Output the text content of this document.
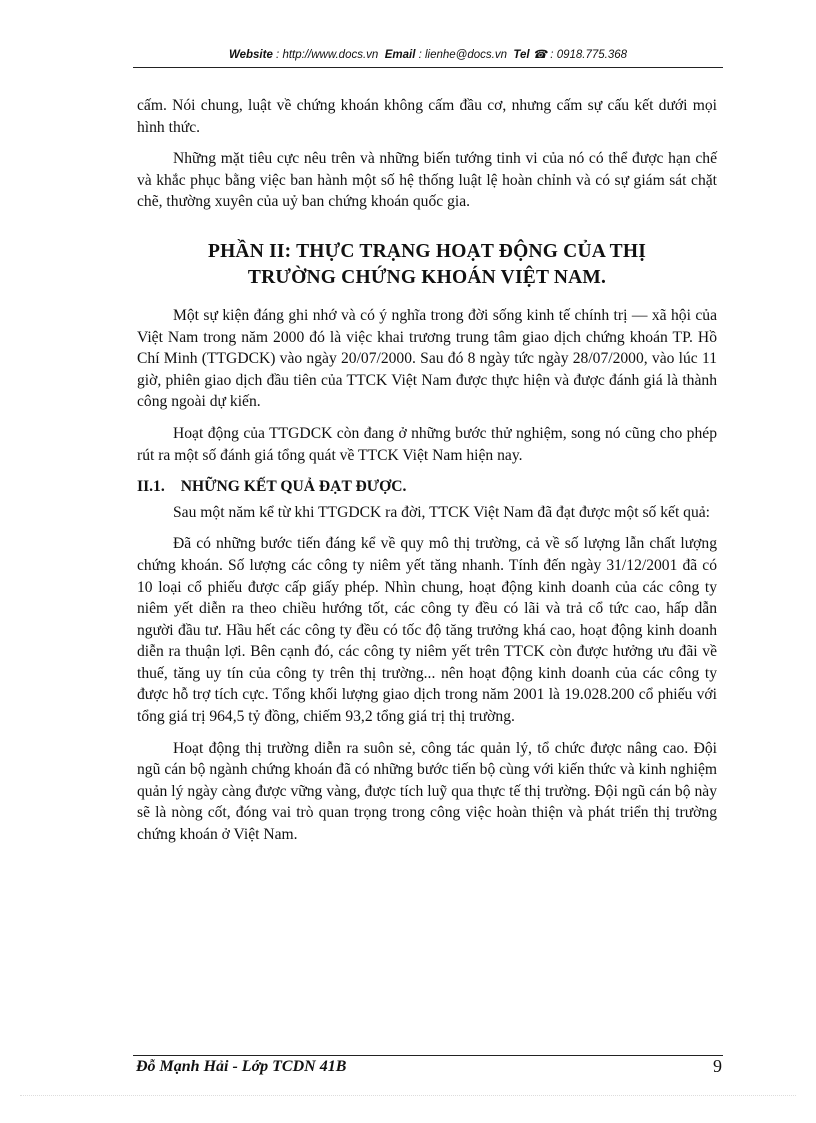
Website : http://www.docs.vn Email : lienhe@docs.vn Tel ☎ : 0918.775.368

cấm. Nói chung, luật về chứng khoán không cấm đầu cơ, nhưng cấm sự cấu kết dưới mọi hình thức.

Những mặt tiêu cực nêu trên và những biến tướng tinh vi của nó có thể được hạn chế và khắc phục bằng việc ban hành một số hệ thống luật lệ hoàn chỉnh và có sự giám sát chặt chẽ, thường xuyên của uỷ ban chứng khoán quốc gia.

PHẦN II: THỰC TRẠNG HOẠT ĐỘNG CỦA THỊ
TRƯỜNG CHỨNG KHOÁN VIỆT NAM.

Một sự kiện đáng ghi nhớ và có ý nghĩa trong đời sống kinh tế chính trị — xã hội của Việt Nam trong năm 2000 đó là việc khai trương trung tâm giao dịch chứng khoán TP. Hồ Chí Minh (TTGDCK) vào ngày 20/07/2000. Sau đó 8 ngày tức ngày 28/07/2000, vào lúc 11 giờ, phiên giao dịch đầu tiên của TTCK Việt Nam được thực hiện và được đánh giá là thành công ngoài dự kiến.

Hoạt động của TTGDCK còn đang ở những bước thử nghiệm, song nó cũng cho phép rút ra một số đánh giá tổng quát về TTCK Việt Nam hiện nay.

II.1. NHỮNG KẾT QUẢ ĐẠT ĐƯỢC.

Sau một năm kể từ khi TTGDCK ra đời, TTCK Việt Nam đã đạt được một số kết quả:

Đã có những bước tiến đáng kể về quy mô thị trường, cả về số lượng lẫn chất lượng chứng khoán. Số lượng các công ty niêm yết tăng nhanh. Tính đến ngày 31/12/2001 đã có 10 loại cổ phiếu được cấp giấy phép. Nhìn chung, hoạt động kinh doanh của các công ty niêm yết diễn ra theo chiều hướng tốt, các công ty đều có lãi và trả cổ tức cao, hấp dẫn người đầu tư. Hầu hết các công ty đều có tốc độ tăng trưởng khá cao, hoạt động kinh doanh diễn ra thuận lợi. Bên cạnh đó, các công ty niêm yết trên TTCK còn được hưởng ưu đãi về thuế, tăng uy tín của công ty trên thị trường... nên hoạt động kinh doanh của các công ty được hỗ trợ tích cực. Tổng khối lượng giao dịch trong năm 2001 là 19.028.200 cổ phiếu với tổng giá trị 964,5 tỷ đồng, chiếm 93,2 tổng giá trị thị trường.

Hoạt động thị trường diễn ra suôn sẻ, công tác quản lý, tổ chức được nâng cao. Đội ngũ cán bộ ngành chứng khoán đã có những bước tiến bộ cùng với kiến thức và kinh nghiệm quản lý ngày càng được vững vàng, được tích luỹ qua thực tế thị trường. Đội ngũ cán bộ này sẽ là nòng cốt, đóng vai trò quan trọng trong công việc hoàn thiện và phát triển thị trường chứng khoán ở Việt Nam.

Đỗ Mạnh Hải - Lớp TCDN 41B	9
